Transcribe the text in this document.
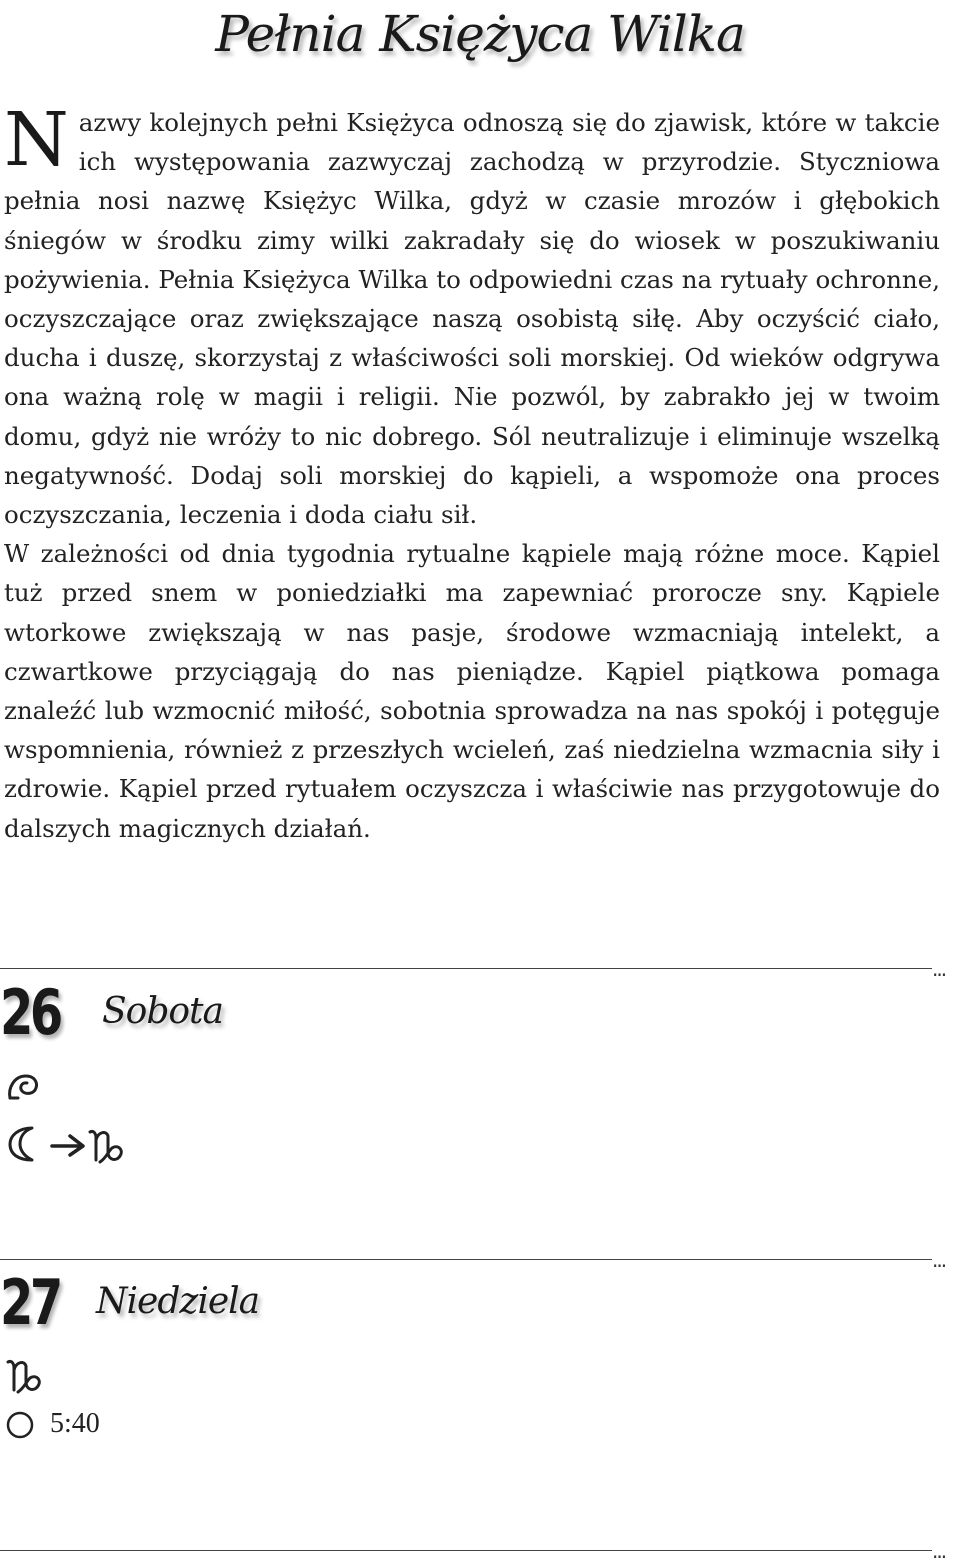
Pełnia Księżyca Wilka

Nazwy kolejnych pełni Księżyca odnoszą się do zjawisk, które w takcie ich występowania zazwyczaj zachodzą w przyrodzie. Styczniowa pełnia nosi nazwę Księżyc Wilka, gdyż w czasie mrozów i głębokich śniegów w środku zimy wilki zakradały się do wiosek w poszukiwaniu pożywienia. Pełnia Księżyca Wilka to odpowiedni czas na rytuały ochronne, oczyszczające oraz zwiększające naszą osobistą siłę. Aby oczyścić ciało, ducha i duszę, skorzystaj z właściwości soli morskiej. Od wieków odgrywa ona ważną rolę w magii i religii. Nie pozwól, by zabrakło jej w twoim domu, gdyż nie wróży to nic dobrego. Sól neutralizuje i eliminuje wszelką negatywność. Dodaj soli morskiej do kąpieli, a wspomoże ona proces oczyszczania, leczenia i doda ciału sił.

W zależności od dnia tygodnia rytualne kąpiele mają różne moce. Kąpiel tuż przed snem w poniedziałki ma zapewniać prorocze sny. Kąpiele wtorkowe zwiększają w nas pasje, środowe wzmacniają intelekt, a czwartkowe przyciągają do nas pieniądze. Kąpiel piątkowa pomaga znaleźć lub wzmocnić miłość, sobotnia sprowadza na nas spokój i potęguje wspomnienia, również z przeszłych wcieleń, zaś niedzielna wzmacnia siły i zdrowie. Kąpiel przed rytuałem oczyszcza i właściwie nas przygotowuje do dalszych magicznych działań.

...
26 Sobota
...
27 Niedziela
5:40
...
